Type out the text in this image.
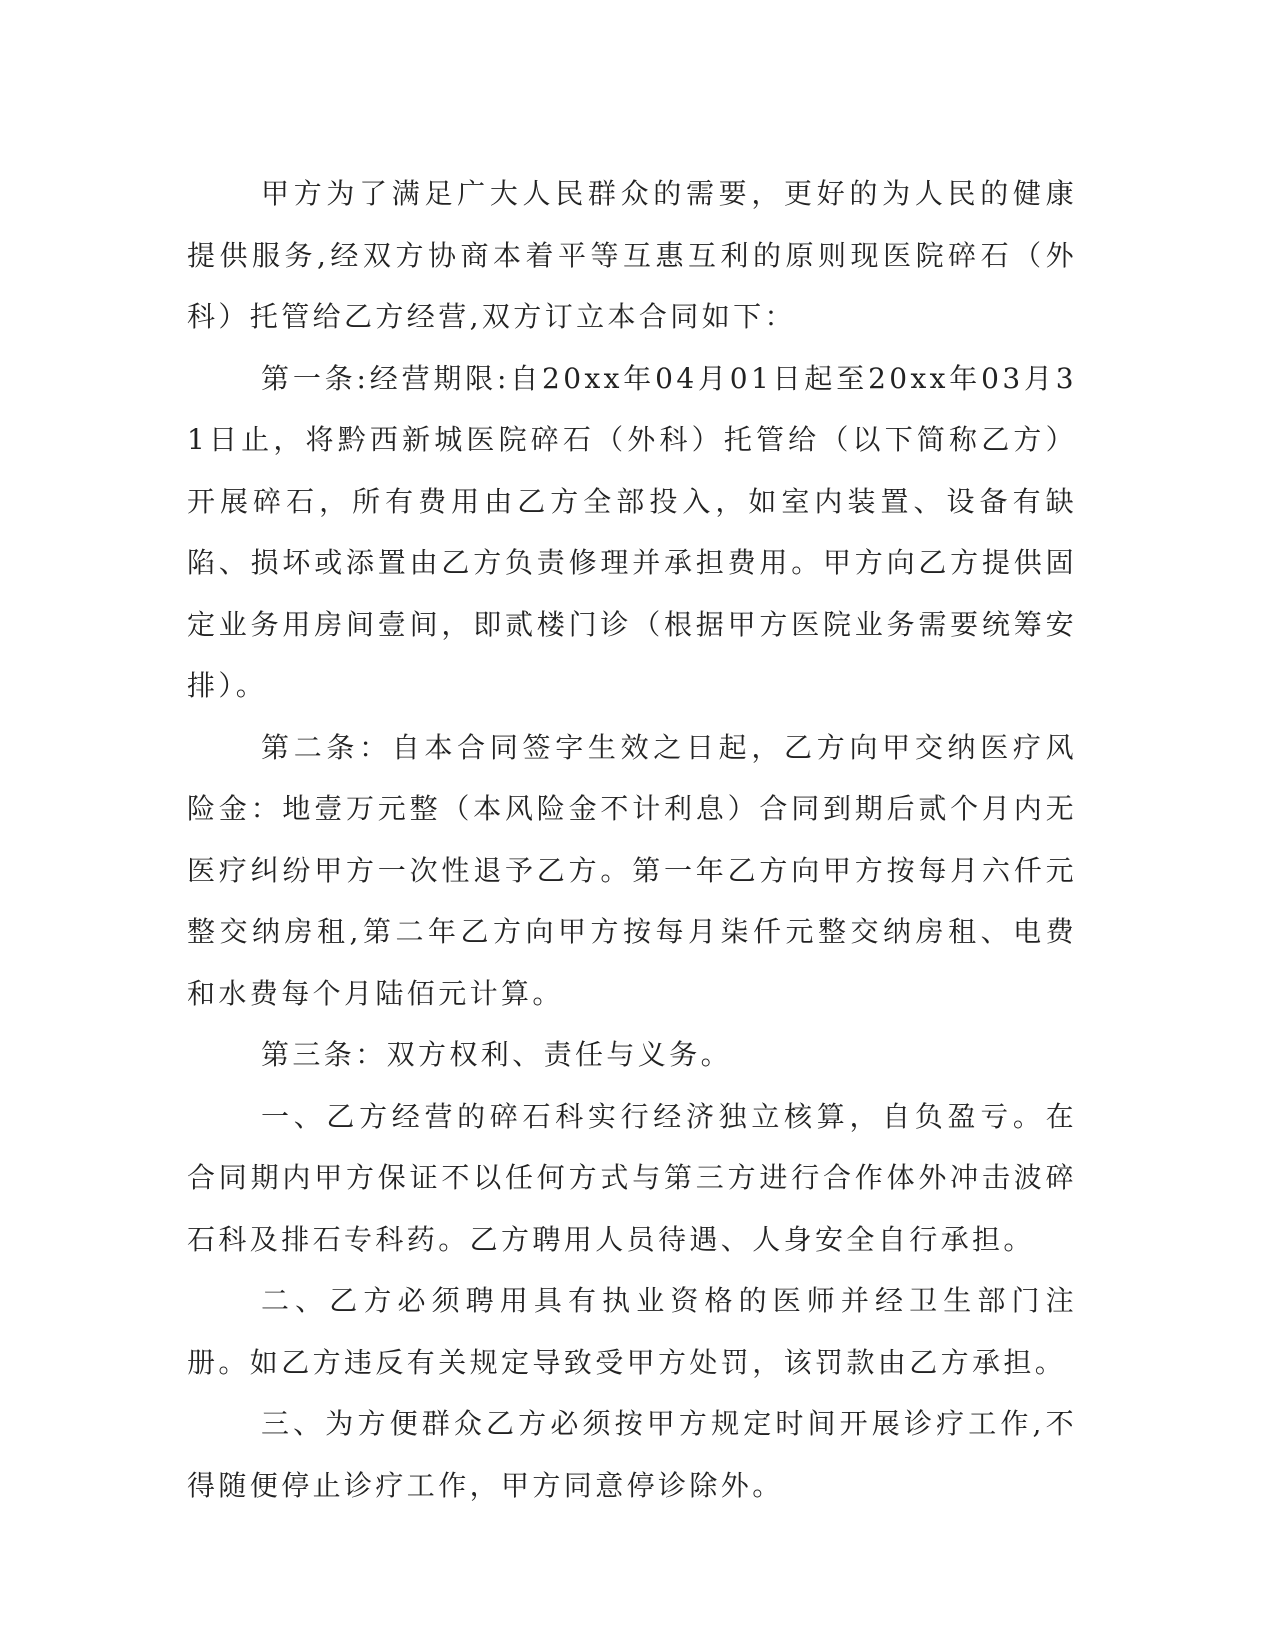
甲方为了满足广大人民群众的需要，更好的为人民的健康提供服务,经双方协商本着平等互惠互利的原则现医院碎石（外科）托管给乙方经营,双方订立本合同如下：

第一条:经营期限:自20xx年04月01日起至20xx年03月31日止，将黔西新城医院碎石（外科）托管给（以下简称乙方）开展碎石，所有费用由乙方全部投入，如室内装置、设备有缺陷、损坏或添置由乙方负责修理并承担费用。甲方向乙方提供固定业务用房间壹间，即贰楼门诊（根据甲方医院业务需要统筹安排）。

第二条：自本合同签字生效之日起，乙方向甲交纳医疗风险金：地壹万元整（本风险金不计利息）合同到期后贰个月内无医疗纠纷甲方一次性退予乙方。第一年乙方向甲方按每月六仟元整交纳房租,第二年乙方向甲方按每月柒仟元整交纳房租、电费和水费每个月陆佰元计算。

第三条：双方权利、责任与义务。

一、乙方经营的碎石科实行经济独立核算，自负盈亏。在合同期内甲方保证不以任何方式与第三方进行合作体外冲击波碎石科及排石专科药。乙方聘用人员待遇、人身安全自行承担。

二、乙方必须聘用具有执业资格的医师并经卫生部门注册。如乙方违反有关规定导致受甲方处罚，该罚款由乙方承担。

三、为方便群众乙方必须按甲方规定时间开展诊疗工作,不得随便停止诊疗工作，甲方同意停诊除外。
